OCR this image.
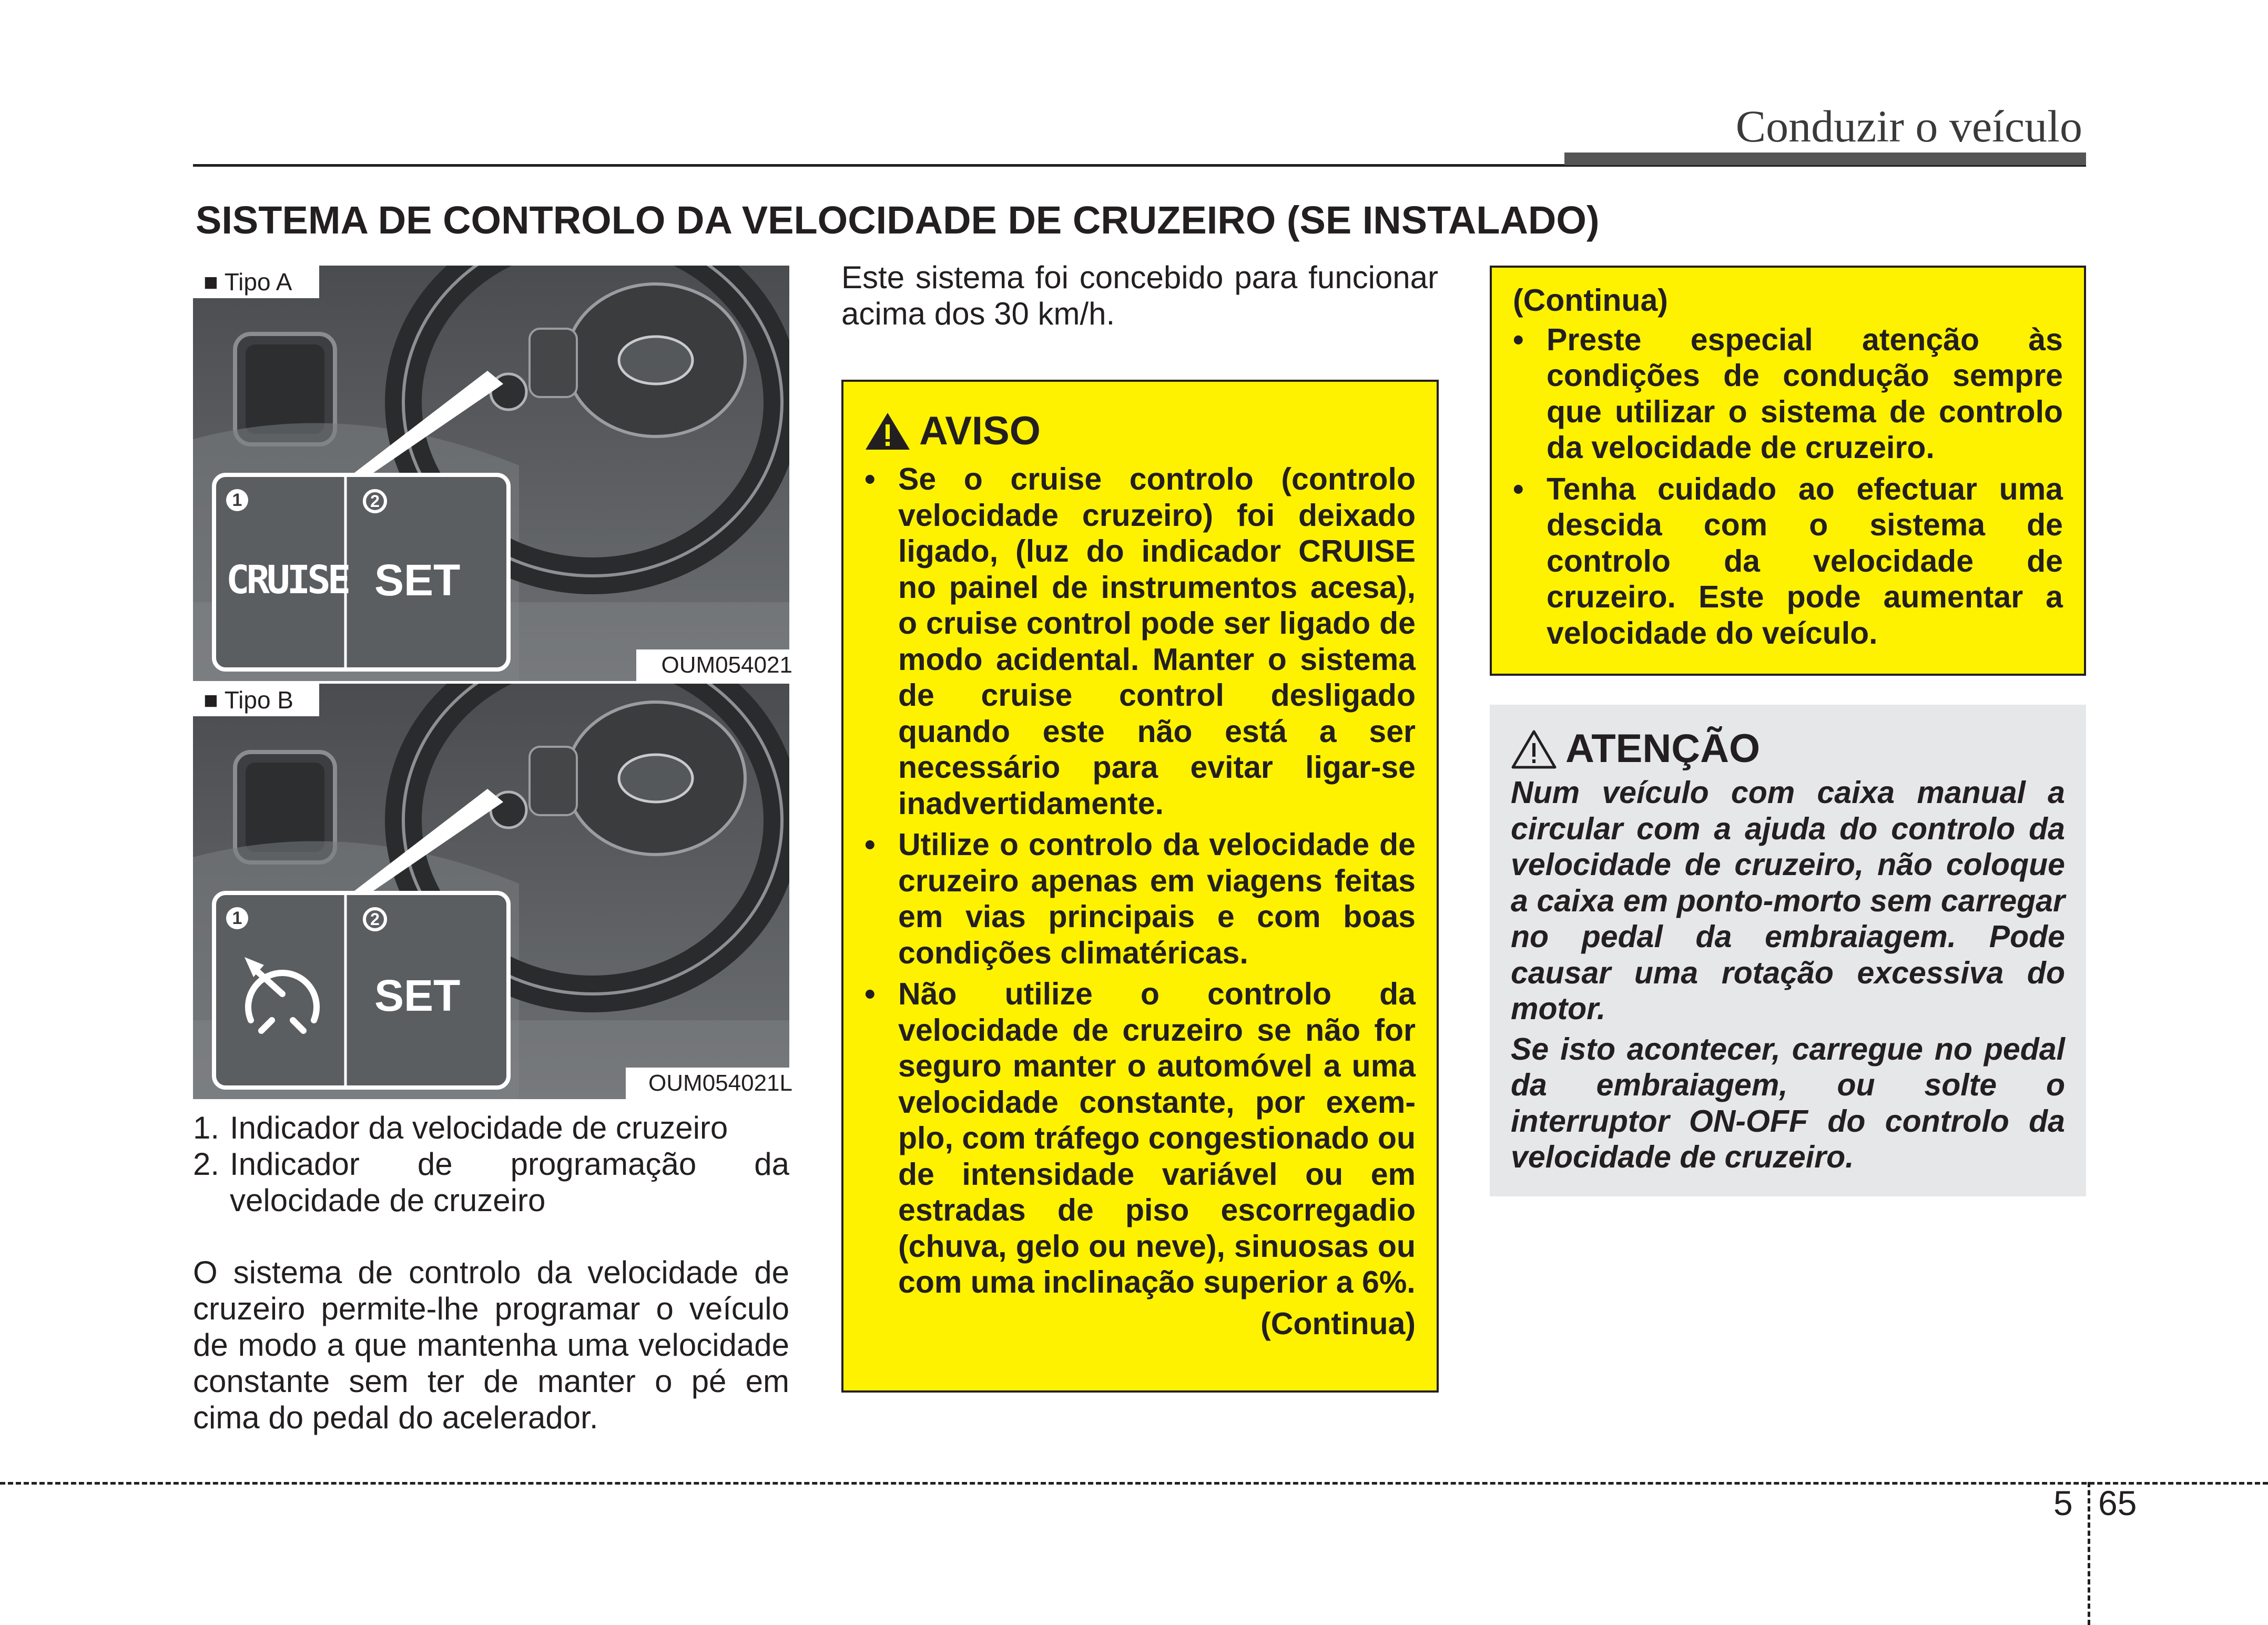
Conduzir o veículo
SISTEMA DE CONTROLO DA VELOCIDADE DE CRUZEIRO (SE INSTALADO)
1	2
CRUISE SET
■ Tipo A
OUM054021
1	2
SET
■ Tipo B
OUM054021L
1. Indicador da velocidade de cruzeiro
2. Indicador de programação da velocidade de cruzeiro
O sistema de controlo da velocidade de cruzeiro permite-lhe programar o veículo de modo a que mantenha uma velocidade constante sem ter de manter o pé em cima do pedal do acelerador.
Este sistema foi concebido para funcionar acima dos 30 km/h.
AVISO
• Se o cruise controlo (controlo velocidade cruzeiro) foi deixado ligado, (luz do indicador CRUISE no painel de instrumentos acesa), o cruise control pode ser ligado de modo acidental. Manter o sistema de cruise control desligado quando este não está a ser necessário para evitar ligar-se inadvertidamente.
• Utilize o controlo da velocidade de cruzeiro apenas em viagens feitas em vias principais e com boas condições climatéricas.
• Não utilize o controlo da velocidade de cruzeiro se não for seguro manter o automóvel a uma velocidade constante, por exem-plo, com tráfego congestionado ou de intensidade variável ou em estradas de piso escorregadio (chuva, gelo ou neve), sinuosas ou com uma inclinação superior a 6%.
(Continua)
(Continua)
• Preste especial atenção às condições de condução sempre que utilizar o sistema de controlo da velocidade de cruzeiro.
• Tenha cuidado ao efectuar uma descida com o sistema de controlo da velocidade de cruzeiro. Este pode aumentar a velocidade do veículo.
ATENÇÃO
Num veículo com caixa manual a circular com a ajuda do controlo da velocidade de cruzeiro, não coloque a caixa em ponto-morto sem carregar no pedal da embraiagem. Pode causar uma rotação excessiva do motor.
Se isto acontecer, carregue no pedal da embraiagem, ou solte o interruptor ON-OFF do controlo da velocidade de cruzeiro.
5 65
